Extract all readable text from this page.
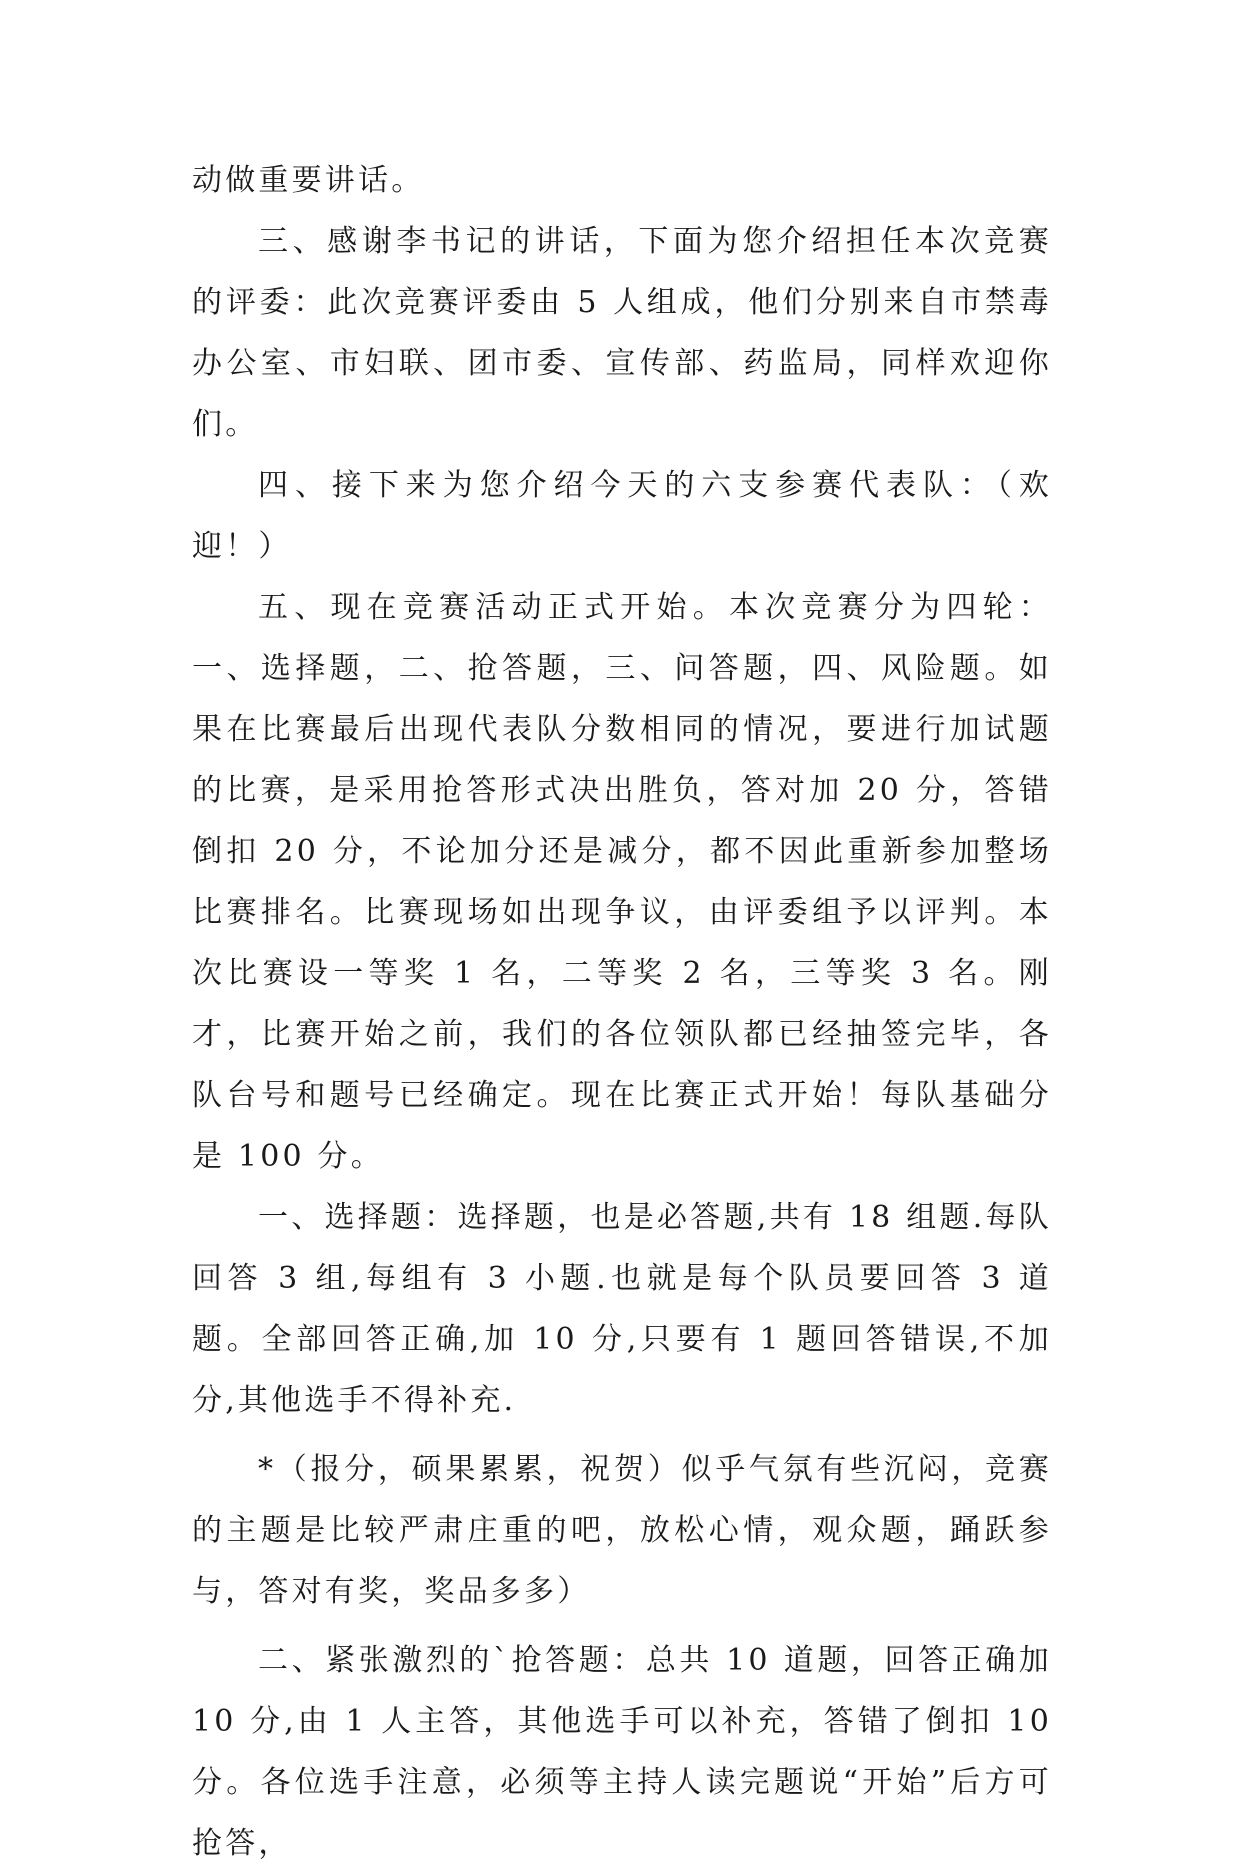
动做重要讲话。

三、感谢李书记的讲话，下面为您介绍担任本次竞赛的评委：此次竞赛评委由 5 人组成，他们分别来自市禁毒办公室、市妇联、团市委、宣传部、药监局，同样欢迎你们。

四、接下来为您介绍今天的六支参赛代表队：（欢迎！）

五、现在竞赛活动正式开始。本次竞赛分为四轮：一、选择题，二、抢答题，三、问答题，四、风险题。如果在比赛最后出现代表队分数相同的情况，要进行加试题的比赛，是采用抢答形式决出胜负，答对加 20 分，答错倒扣 20 分，不论加分还是减分，都不因此重新参加整场比赛排名。比赛现场如出现争议，由评委组予以评判。本次比赛设一等奖 1 名，二等奖 2 名，三等奖 3 名。刚才，比赛开始之前，我们的各位领队都已经抽签完毕，各队台号和题号已经确定。现在比赛正式开始！每队基础分是 100 分。

一、选择题：选择题，也是必答题,共有 18 组题.每队回答 3 组,每组有 3 小题.也就是每个队员要回答 3 道题。全部回答正确,加 10 分,只要有 1 题回答错误,不加分,其他选手不得补充.

*（报分，硕果累累，祝贺）似乎气氛有些沉闷，竞赛的主题是比较严肃庄重的吧，放松心情，观众题，踊跃参与，答对有奖，奖品多多）

二、紧张激烈的`抢答题：总共 10 道题，回答正确加 10 分,由 1 人主答，其他选手可以补充，答错了倒扣 10 分。各位选手注意，必须等主持人读完题说“开始”后方可抢答，
